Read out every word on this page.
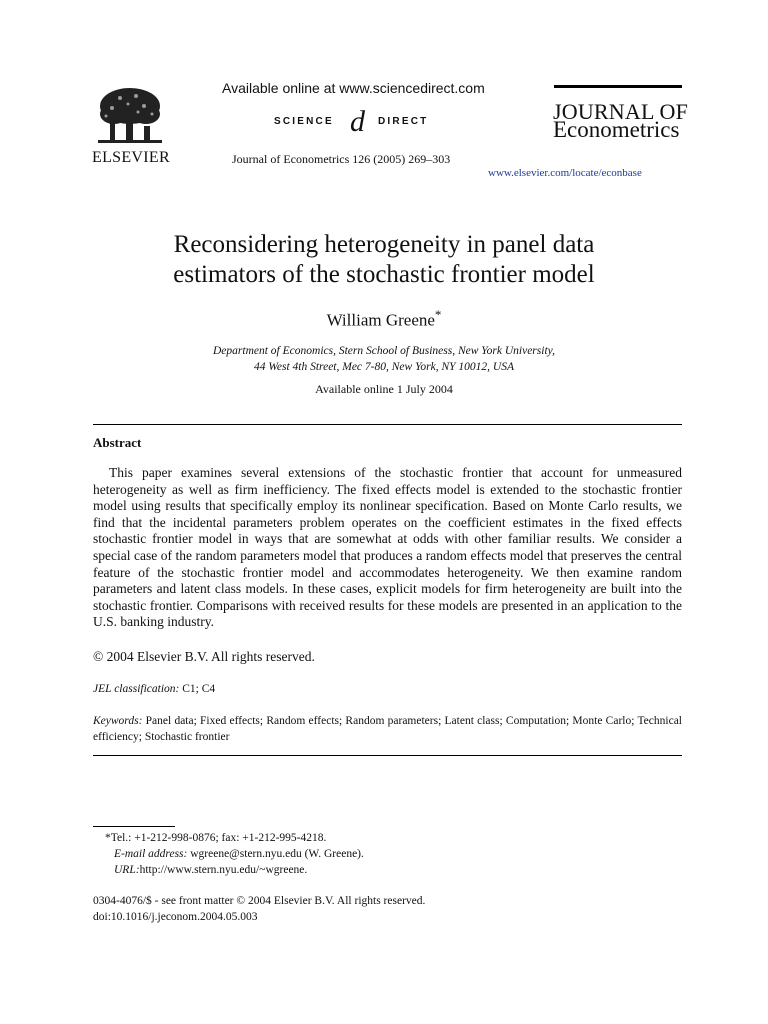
ELSEVIER
Available online at www.sciencedirect.com
SCIENCE d DIRECT
Journal of Econometrics 126 (2005) 269–303
JOURNAL OF
Econometrics
www.elsevier.com/locate/econbase
Reconsidering heterogeneity in panel data
estimators of the stochastic frontier model
William Greene*
Department of Economics, Stern School of Business, New York University,
44 West 4th Street, Mec 7-80, New York, NY 10012, USA
Available online 1 July 2004
Abstract

This paper examines several extensions of the stochastic frontier that account for unmeasured heterogeneity as well as firm inefficiency. The fixed effects model is extended to the stochastic frontier model using results that specifically employ its nonlinear specification. Based on Monte Carlo results, we find that the incidental parameters problem operates on the coefficient estimates in the fixed effects stochastic frontier model in ways that are somewhat at odds with other familiar results. We consider a special case of the random parameters model that produces a random effects model that preserves the central feature of the stochastic frontier model and accommodates heterogeneity. We then examine random parameters and latent class models. In these cases, explicit models for firm heterogeneity are built into the stochastic frontier. Comparisons with received results for these models are presented in an application to the U.S. banking industry.

© 2004 Elsevier B.V. All rights reserved.
JEL classification: C1; C4
Keywords: Panel data; Fixed effects; Random effects; Random parameters; Latent class; Computation; Monte Carlo; Technical efficiency; Stochastic frontier
*Tel.: +1-212-998-0876; fax: +1-212-995-4218.
E-mail address: wgreene@stern.nyu.edu (W. Greene).
URL:http://www.stern.nyu.edu/~wgreene.
0304-4076/$ - see front matter © 2004 Elsevier B.V. All rights reserved.
doi:10.1016/j.jeconom.2004.05.003
